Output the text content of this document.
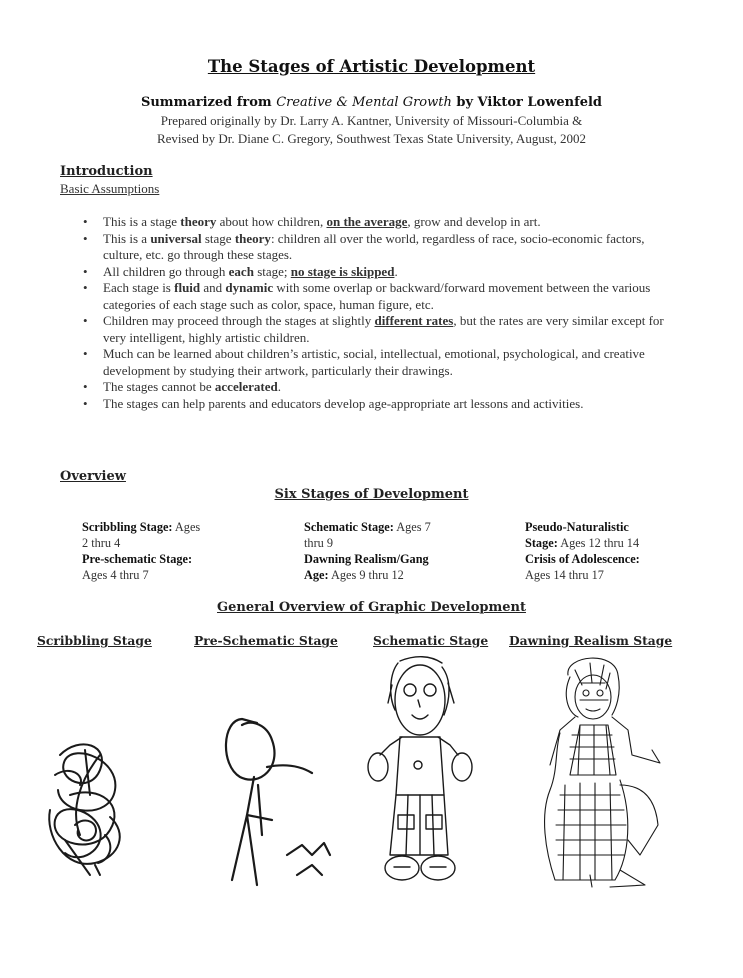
The Stages of Artistic Development
Summarized from Creative & Mental Growth by Viktor Lowenfeld
Prepared originally by Dr. Larry A. Kantner, University of Missouri-Columbia &
Revised by Dr. Diane C. Gregory, Southwest Texas State University, August, 2002
Introduction
Basic Assumptions
• This is a stage theory about how children, on the average, grow and develop in art.
• This is a universal stage theory: children all over the world, regardless of race, socio-economic factors, culture, etc. go through these stages.
• All children go through each stage; no stage is skipped.
• Each stage is fluid and dynamic with some overlap or backward/forward movement between the various categories of each stage such as color, space, human figure, etc.
• Children may proceed through the stages at slightly different rates, but the rates are very similar except for very intelligent, highly artistic children.
• Much can be learned about children’s artistic, social, intellectual, emotional, psychological, and creative development by studying their artwork, particularly their drawings.
• The stages cannot be accelerated.
• The stages can help parents and educators develop age-appropriate art lessons and activities.
Overview
Six Stages of Development
Scribbling Stage: Ages
2 thru 4
Pre-schematic Stage:
Ages 4 thru 7
Schematic Stage: Ages 7
thru 9
Dawning Realism/Gang
Age: Ages 9 thru 12
Pseudo-Naturalistic
Stage: Ages 12 thru 14
Crisis of Adolescence:
Ages 14 thru 17
General Overview of Graphic Development
Scribbling Stage	Pre-Schematic Stage	Schematic Stage Dawning Realism Stage
